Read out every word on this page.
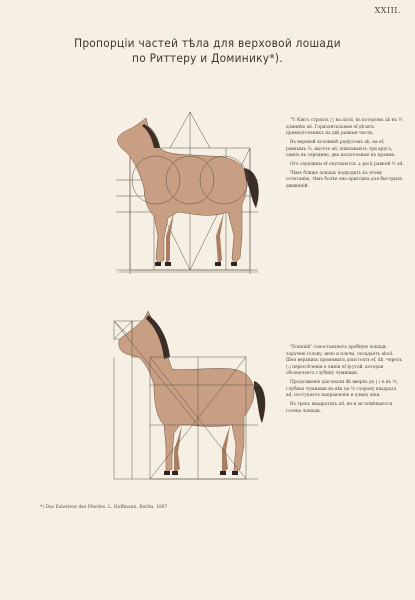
XXIII.
Пропорціи частей тѣла для верховой лошади
по Риттеру и Доминику*).

"V. Кінгъ строить □ на abcd, въ которомъ ab въ ½ длиннѣе ad. Горизонтальные ef дѣлять прямоугольникъ на двѣ равныя части.

Въ верхней половинѣ радіусомъ ab, на ef, равнымъ ⅓, высоте ad, описываютъ три круга, одинъ въ середине, два касательные къ краямъ.

Отъ середины ef опускаются ⊥-ры k равной ½ ad.

Чѣмъ ближе лошадь подходить къ этому сочетанію, тѣмъ болѣе она пригодна для быстрыхъ движеній.

"Dominik" сопоставляетъ пробную лошадь задачею голову, шею и плечи, складаетъ abcd. Шея верхнихъ промежить доистоять ef, db, черезъ (.) перессѣченія e линіи ef ф-угой, которая обозначаетъ глубину чумишки.

Продолженіе діагонали db вверхъ до (.) n въ ½, глубина чумишки на вѣк на ½ сторону квадрата ad, поступаетъ направленіе и длину шеи.

Въ трехъ квадратахъ ad, не и ок помѣщается голова лошади.

*) Das Exterieur des Pferdes. L. Hoffmann. Berlin. 1887.
